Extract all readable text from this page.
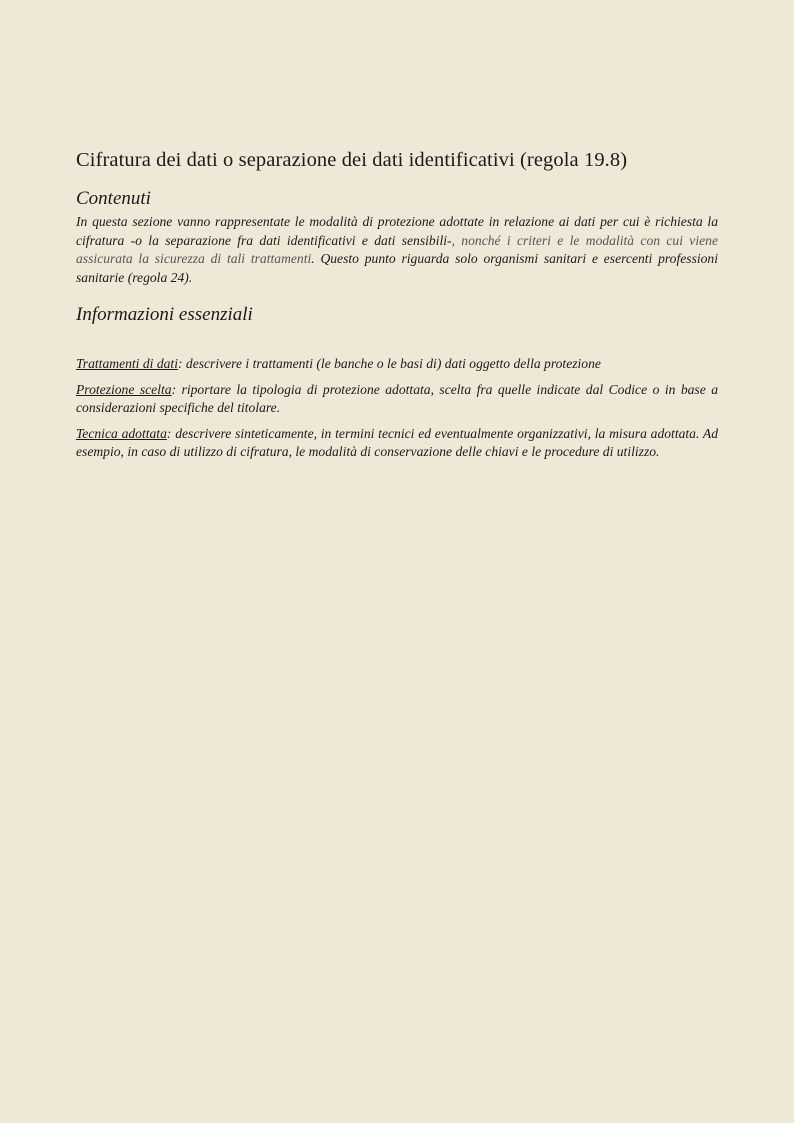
Cifratura dei dati o separazione dei dati identificativi (regola 19.8)
Contenuti

In questa sezione vanno rappresentate le modalità di protezione adottate in relazione ai dati per cui è richiesta la cifratura -o la separazione fra dati identificativi e dati sensibili-, nonché i criteri e le modalità con cui viene assicurata la sicurezza di tali trattamenti. Questo punto riguarda solo organismi sanitari e esercenti professioni sanitarie (regola 24).

Informazioni essenziali

Trattamenti di dati: descrivere i trattamenti (le banche o le basi di) dati oggetto della protezione

Protezione scelta: riportare la tipologia di protezione adottata, scelta fra quelle indicate dal Codice o in base a considerazioni specifiche del titolare.

Tecnica adottata: descrivere sinteticamente, in termini tecnici ed eventualmente organizzativi, la misura adottata. Ad esempio, in caso di utilizzo di cifratura, le modalità di conservazione delle chiavi e le procedure di utilizzo.
